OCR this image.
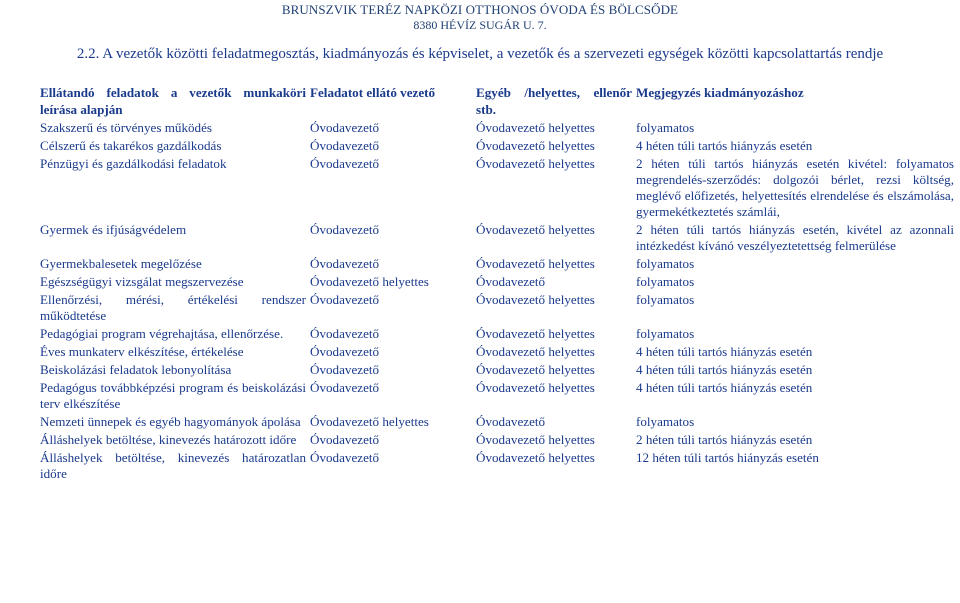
BRUNSZVIK TERÉZ NAPKÖZI OTTHONOS ÓVODA ÉS BÖLCSŐDE
8380 HÉVÍZ SUGÁR U. 7.
2.2. A vezetők közötti feladatmegosztás, kiadmányozás és képviselet, a vezetők és a szervezeti egységek közötti kapcsolattartás rendje
Ellátandó feladatok a vezetők munkaköri leírása alapján	Feladatot ellátó vezető	Egyéb /helyettes, ellenőr stb.	Megjegyzés kiadmányozáshoz
Szakszerű és törvényes működés	Óvodavezető	Óvodavezető helyettes	folyamatos
Célszerű és takarékos gazdálkodás	Óvodavezető	Óvodavezető helyettes	4 héten túli tartós hiányzás esetén
Pénzügyi és gazdálkodási feladatok	Óvodavezető	Óvodavezető helyettes	2 héten túli tartós hiányzás esetén kivétel: folyamatos megrendelés-szerződés: dolgozói bérlet, rezsi költség, meglévő előfizetés, helyettesítés elrendelése és elszámolása, gyermekétkeztetés számlái,
Gyermek és ifjúságvédelem	Óvodavezető	Óvodavezető helyettes	2 héten túli tartós hiányzás esetén, kivétel az azonnali intézkedést kívánó veszélyeztetettség felmerülése
Gyermekbalesetek megelőzése	Óvodavezető	Óvodavezető helyettes	folyamatos
Egészségügyi vizsgálat megszervezése	Óvodavezető helyettes	Óvodavezető	folyamatos
Ellenőrzési, mérési, értékelési rendszer működtetése	Óvodavezető	Óvodavezető helyettes	folyamatos
Pedagógiai program végrehajtása, ellenőrzése.	Óvodavezető	Óvodavezető helyettes	folyamatos
Éves munkaterv elkészítése, értékelése	Óvodavezető	Óvodavezető helyettes	4 héten túli tartós hiányzás esetén
Beiskolázási feladatok lebonyolítása	Óvodavezető	Óvodavezető helyettes	4 héten túli tartós hiányzás esetén
Pedagógus továbbképzési program és beiskolázási terv elkészítése	Óvodavezető	Óvodavezető helyettes	4 héten túli tartós hiányzás esetén
Nemzeti ünnepek és egyéb hagyományok ápolása	Óvodavezető helyettes	Óvodavezető	folyamatos
Álláshelyek betöltése, kinevezés határozott időre	Óvodavezető	Óvodavezető helyettes	2 héten túli tartós hiányzás esetén
Álláshelyek betöltése, kinevezés határozatlan időre	Óvodavezető	Óvodavezető helyettes	12 héten túli tartós hiányzás esetén
